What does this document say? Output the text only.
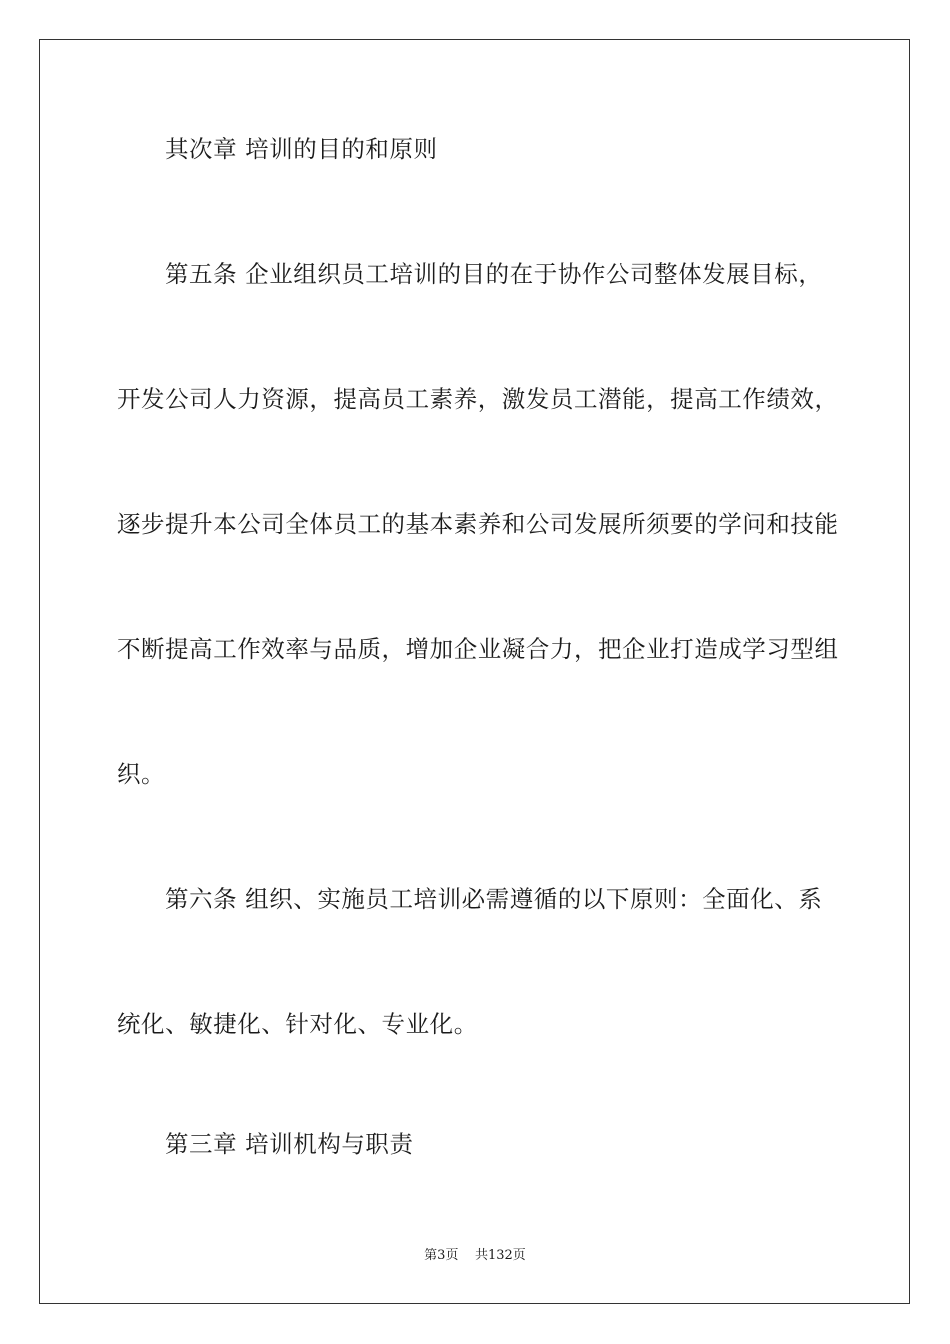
其次章 培训的目的和原则
第五条 企业组织员工培训的目的在于协作公司整体发展目标，
开发公司人力资源，提高员工素养，激发员工潜能，提高工作绩效，
逐步提升本公司全体员工的基本素养和公司发展所须要的学问和技能
不断提高工作效率与品质，增加企业凝合力，把企业打造成学习型组
织。
第六条 组织、实施员工培训必需遵循的以下原则：全面化、系
统化、敏捷化、针对化、专业化。
第三章 培训机构与职责
第3页 共132页
